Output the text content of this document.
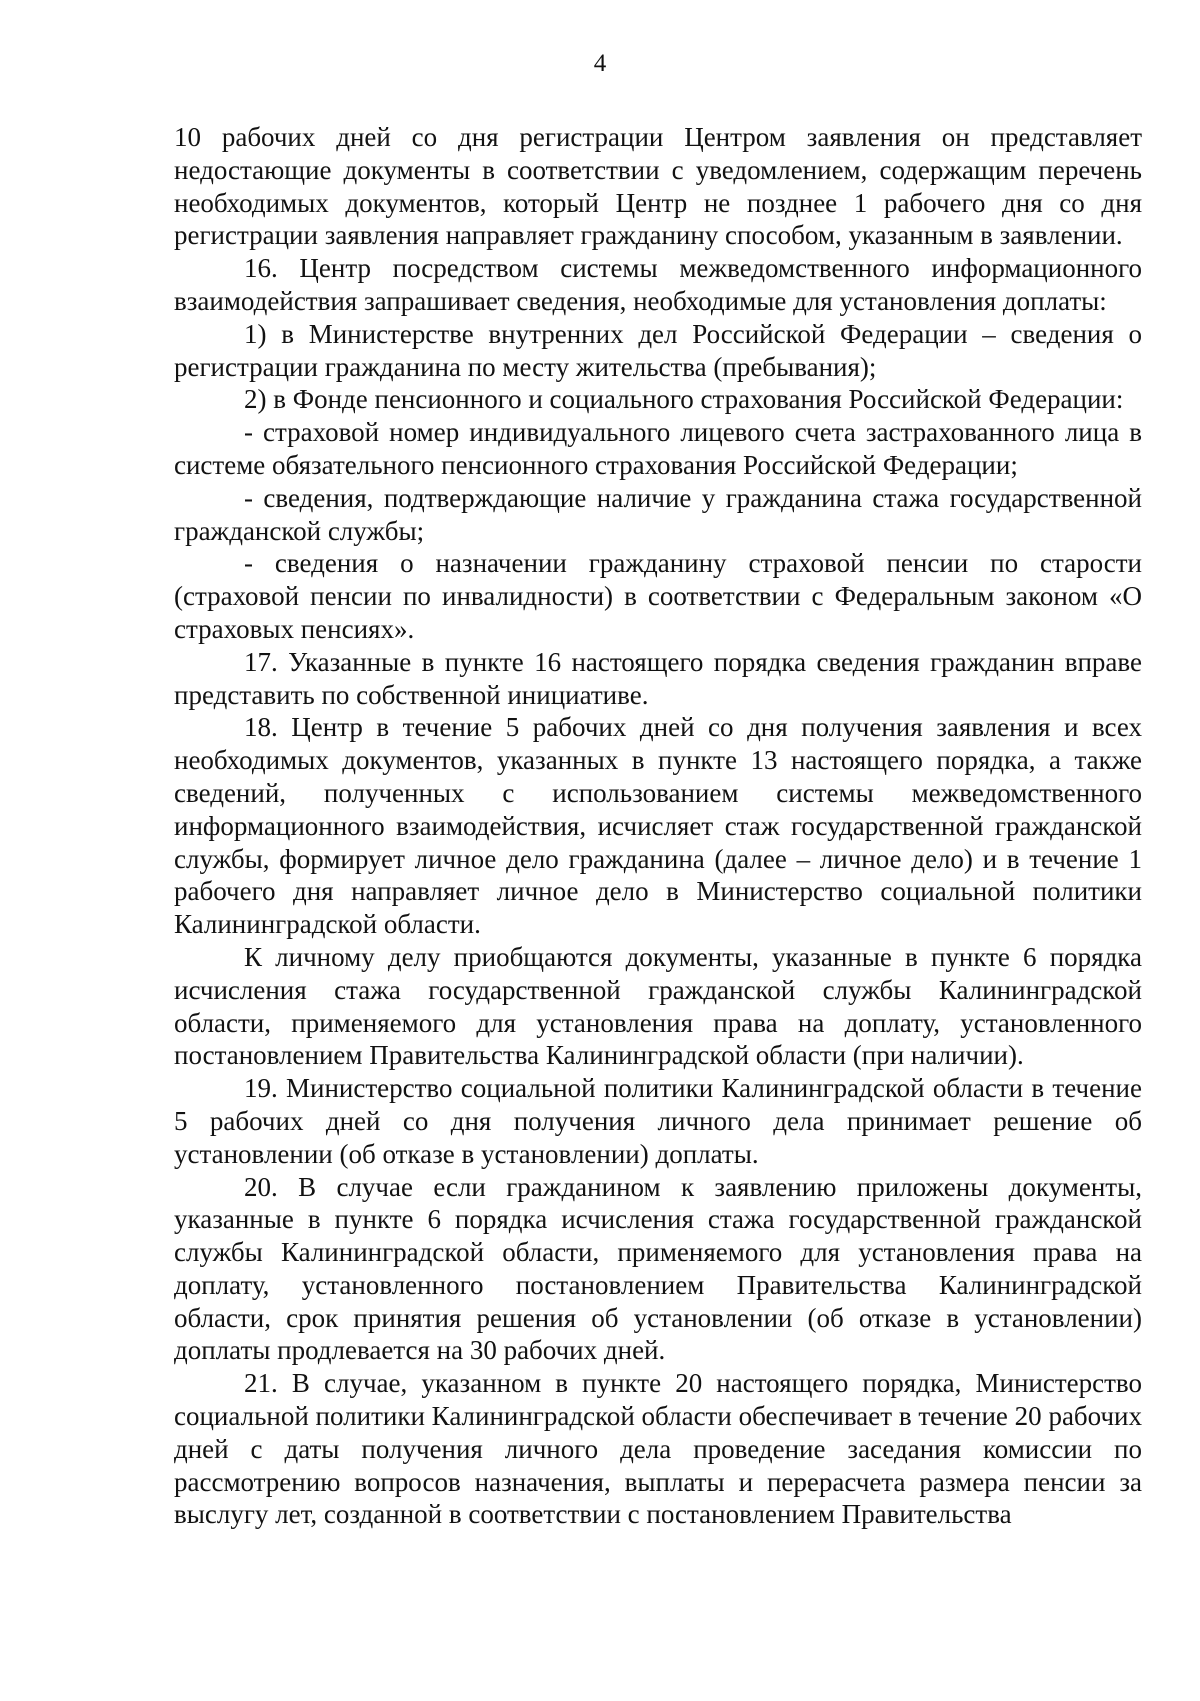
4

10 рабочих дней со дня регистрации Центром заявления он представляет недостающие документы в соответствии с уведомлением, содержащим перечень необходимых документов, который Центр не позднее 1 рабочего дня со дня регистрации заявления направляет гражданину способом, указанным в заявлении.

16. Центр посредством системы межведомственного информационного взаимодействия запрашивает сведения, необходимые для установления доплаты:

1) в Министерстве внутренних дел Российской Федерации – сведения о регистрации гражданина по месту жительства (пребывания);

2) в Фонде пенсионного и социального страхования Российской Федерации:

- страховой номер индивидуального лицевого счета застрахованного лица в системе обязательного пенсионного страхования Российской Федерации;

- сведения, подтверждающие наличие у гражданина стажа государственной гражданской службы;

- сведения о назначении гражданину страховой пенсии по старости (страховой пенсии по инвалидности) в соответствии с Федеральным законом «О страховых пенсиях».

17. Указанные в пункте 16 настоящего порядка сведения гражданин вправе представить по собственной инициативе.

18. Центр в течение 5 рабочих дней со дня получения заявления и всех необходимых документов, указанных в пункте 13 настоящего порядка, а также сведений, полученных с использованием системы межведомственного информационного взаимодействия, исчисляет стаж государственной гражданской службы, формирует личное дело гражданина (далее – личное дело) и в течение 1 рабочего дня направляет личное дело в Министерство социальной политики Калининградской области.

К личному делу приобщаются документы, указанные в пункте 6 порядка исчисления стажа государственной гражданской службы Калининградской области, применяемого для установления права на доплату, установленного постановлением Правительства Калининградской области (при наличии).

19. Министерство социальной политики Калининградской области в течение 5 рабочих дней со дня получения личного дела принимает решение об установлении (об отказе в установлении) доплаты.

20. В случае если гражданином к заявлению приложены документы, указанные в пункте 6 порядка исчисления стажа государственной гражданской службы Калининградской области, применяемого для установления права на доплату, установленного постановлением Правительства Калининградской области, срок принятия решения об установлении (об отказе в установлении) доплаты продлевается на 30 рабочих дней.

21. В случае, указанном в пункте 20 настоящего порядка, Министерство социальной политики Калининградской области обеспечивает в течение 20 рабочих дней с даты получения личного дела проведение заседания комиссии по рассмотрению вопросов назначения, выплаты и перерасчета размера пенсии за выслугу лет, созданной в соответствии с постановлением Правительства
